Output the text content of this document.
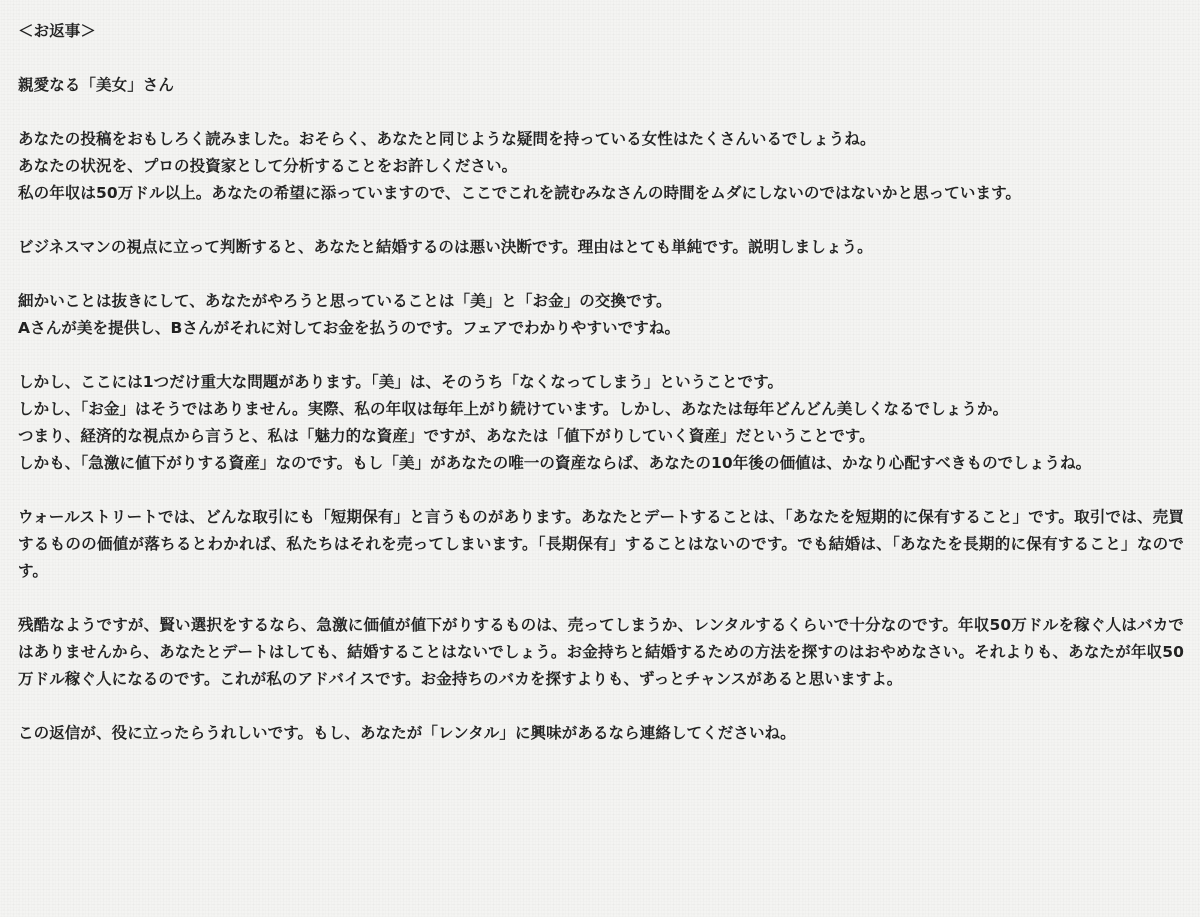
＜お返事＞
親愛なる「美女」さん
あなたの投稿をおもしろく読みました。おそらく、あなたと同じような疑問を持っている女性はたくさんいるでしょうね。
あなたの状況を、プロの投資家として分析することをお許しください。
私の年収は50万ドル以上。あなたの希望に添っていますので、ここでこれを読むみなさんの時間をムダにしないのではないかと思っています。
ビジネスマンの視点に立って判断すると、あなたと結婚するのは悪い決断です。理由はとても単純です。説明しましょう。
細かいことは抜きにして、あなたがやろうと思っていることは「美」と「お金」の交換です。
Aさんが美を提供し、Bさんがそれに対してお金を払うのです。フェアでわかりやすいですね。
しかし、ここには1つだけ重大な問題があります。「美」は、そのうち「なくなってしまう」ということです。
しかし、「お金」はそうではありません。実際、私の年収は毎年上がり続けています。しかし、あなたは毎年どんどん美しくなるでしょうか。
つまり、経済的な視点から言うと、私は「魅力的な資産」ですが、あなたは「値下がりしていく資産」だということです。
しかも、「急激に値下がりする資産」なのです。もし「美」があなたの唯一の資産ならば、あなたの10年後の価値は、かなり心配すべきものでしょうね。
ウォールストリートでは、どんな取引にも「短期保有」と言うものがあります。あなたとデートすることは、「あなたを短期的に保有すること」です。取引では、売買するものの価値が落ちるとわかれば、私たちはそれを売ってしまいます。「長期保有」することはないのです。でも結婚は、「あなたを長期的に保有すること」なのです。
残酷なようですが、賢い選択をするなら、急激に価値が値下がりするものは、売ってしまうか、レンタルするくらいで十分なのです。年収50万ドルを稼ぐ人はバカではありませんから、あなたとデートはしても、結婚することはないでしょう。お金持ちと結婚するための方法を探すのはおやめなさい。それよりも、あなたが年収50万ドル稼ぐ人になるのです。これが私のアドバイスです。お金持ちのバカを探すよりも、ずっとチャンスがあると思いますよ。
この返信が、役に立ったらうれしいです。もし、あなたが「レンタル」に興味があるなら連絡してくださいね。
